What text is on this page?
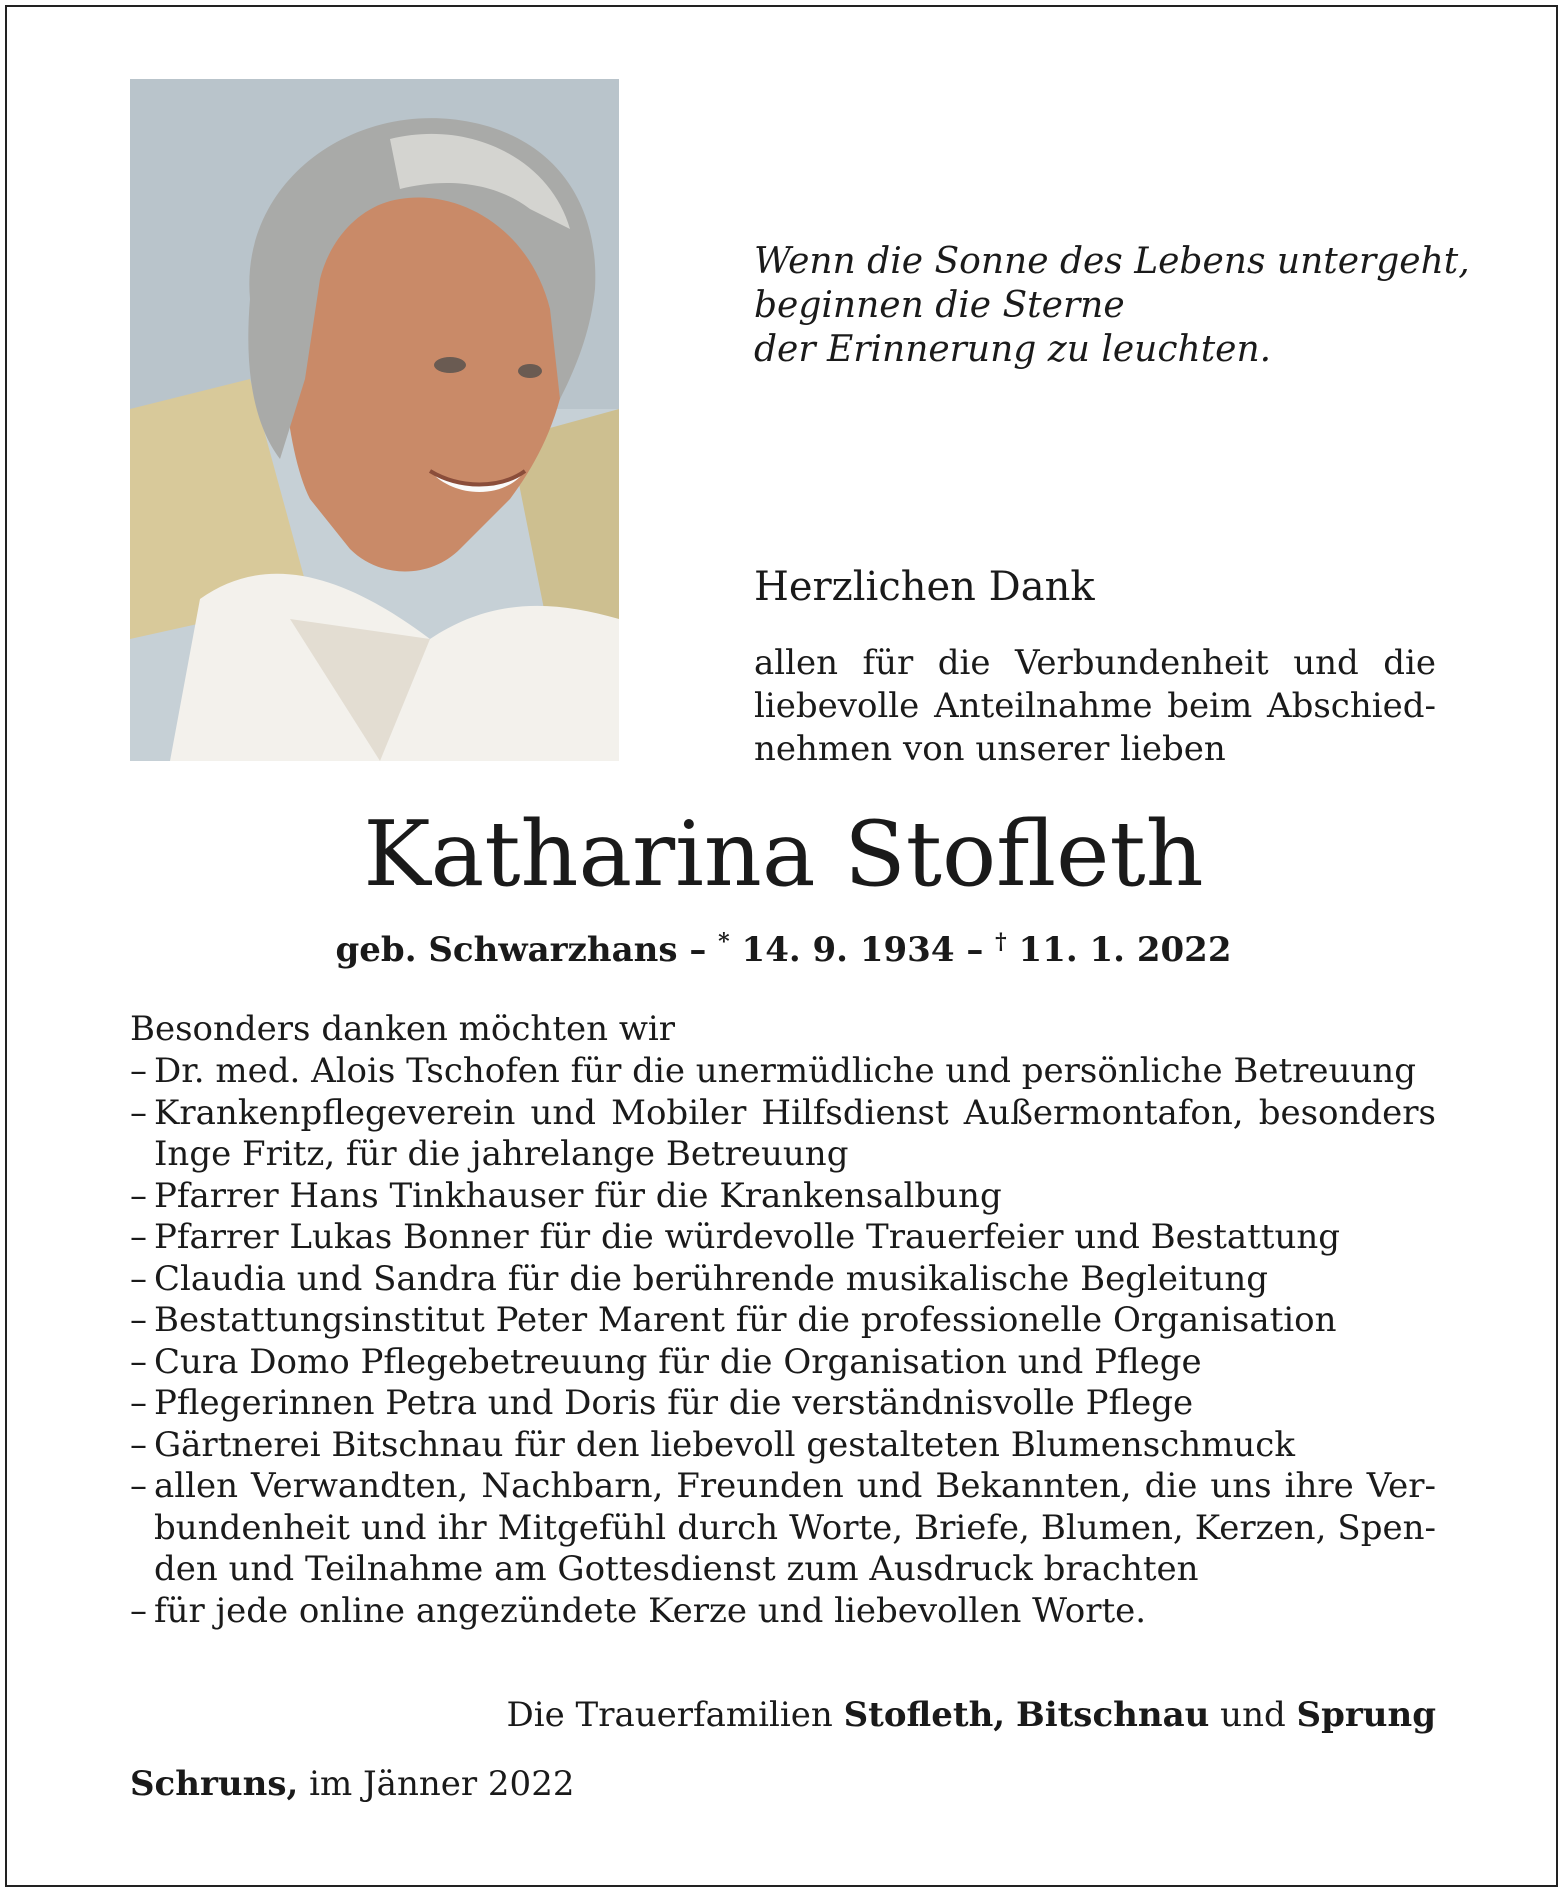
Wenn die Sonne des Lebens untergeht,
beginnen die Sterne
der Erinnerung zu leuchten.
Herzlichen Dank
allen für die Verbundenheit und die
liebevolle Anteilnahme beim Abschied-
nehmen von unserer lieben
Katharina Stofleth
geb. Schwarzhans – * 14. 9. 1934 – † 11. 1. 2022
Besonders danken möchten wir
– Dr. med. Alois Tschofen für die unermüdliche und persönliche Betreuung
– Krankenpflegeverein und Mobiler Hilfsdienst Außermontafon, besonders
Inge Fritz, für die jahrelange Betreuung
– Pfarrer Hans Tinkhauser für die Krankensalbung
– Pfarrer Lukas Bonner für die würdevolle Trauerfeier und Bestattung
– Claudia und Sandra für die berührende musikalische Begleitung
– Bestattungsinstitut Peter Marent für die professionelle Organisation
– Cura Domo Pflegebetreuung für die Organisation und Pflege
– Pflegerinnen Petra und Doris für die verständnisvolle Pflege
– Gärtnerei Bitschnau für den liebevoll gestalteten Blumenschmuck
– allen Verwandten, Nachbarn, Freunden und Bekannten, die uns ihre Ver-
bundenheit und ihr Mitgefühl durch Worte, Briefe, Blumen, Kerzen, Spen-
den und Teilnahme am Gottesdienst zum Ausdruck brachten
– für jede online angezündete Kerze und liebevollen Worte.
Die Trauerfamilien Stofleth, Bitschnau und Sprung
Schruns, im Jänner 2022
